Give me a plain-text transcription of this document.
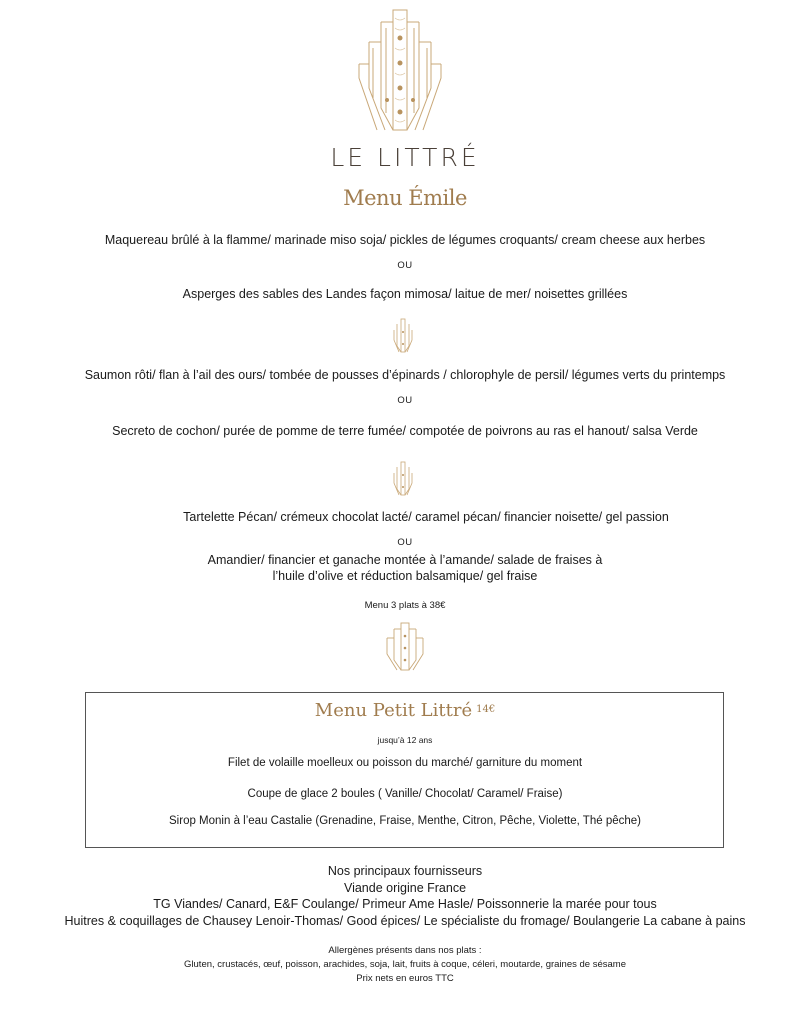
LE LITTRÉ
Menu Émile
Maquereau brûlé à la flamme/ marinade miso soja/ pickles de légumes croquants/ cream cheese aux herbes
OU
Asperges des sables des Landes façon mimosa/ laitue de mer/ noisettes grillées
Saumon rôti/ flan à l’ail des ours/ tombée de pousses d’épinards / chlorophyle de persil/ légumes verts du printemps
OU
Secreto de cochon/ purée de pomme de terre fumée/ compotée de poivrons au ras el hanout/ salsa Verde
Tartelette Pécan/ crémeux chocolat lacté/ caramel pécan/ financier noisette/ gel passion
OU
Amandier/ financier et ganache montée à l’amande/ salade de fraises à
l’huile d’olive et réduction balsamique/ gel fraise
Menu 3 plats à 38€
Menu Petit Littré $^{14€}$
jusqu’à 12 ans
Filet de volaille moelleux ou poisson du marché/ garniture du moment
Coupe de glace 2 boules ( Vanille/ Chocolat/ Caramel/ Fraise)
Sirop Monin à l’eau Castalie (Grenadine, Fraise, Menthe, Citron, Pêche, Violette, Thé pêche)
Nos principaux fournisseurs
Viande origine France
TG Viandes/ Canard, E&F Coulange/ Primeur Ame Hasle/ Poissonnerie la marée pour tous
Huitres & coquillages de Chausey Lenoir-Thomas/ Good épices/ Le spécialiste du fromage/ Boulangerie La cabane à pains
Allergènes présents dans nos plats :
Gluten, crustacés, œuf, poisson, arachides, soja, lait, fruits à coque, céleri, moutarde, graines de sésame
Prix nets en euros TTC
